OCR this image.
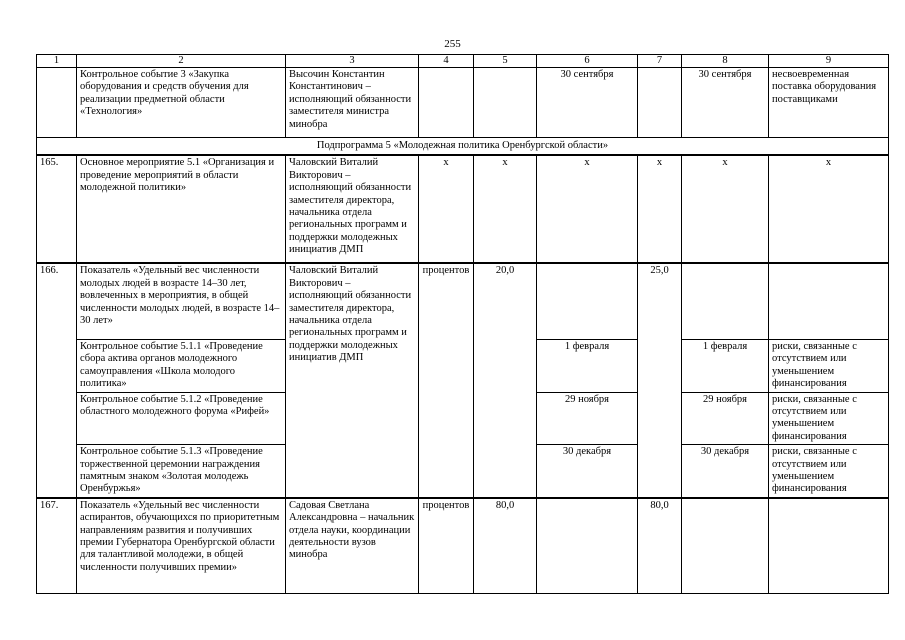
255
1	2	3	4	5	6	7	8	9
	Контрольное событие 3 «Закупка оборудования и средств обучения для реализации предметной области «Технология»	Высочин Константин Константинович – исполняющий обязанности заместителя министра минобра			30 сентября		30 сентября	несвоевременная поставка оборудования поставщиками
Подпрограмма 5 «Молодежная политика Оренбургской области»								
165.	Основное мероприятие 5.1 «Организация и проведение мероприятий в области молодежной политики»	Чаловский Виталий Викторович – исполняющий обязанности заместителя директора, начальника отдела региональных программ и поддержки молодежных инициатив ДМП	х	х	х	х	х	х
166.	Показатель «Удельный вес численности молодых людей в возрасте 14–30 лет, вовлеченных в мероприятия, в общей численности молодых людей, в возрасте 14–30 лет»	Чаловский Виталий Викторович – исполняющий обязанности заместителя директора, начальника отдела региональных программ и поддержки молодежных инициатив ДМП	процентов	20,0		25,0		
	Контрольное событие 5.1.1 «Проведение сбора актива органов молодежного самоуправления «Школа молодого политика»				1 февраля		1 февраля	риски, связанные с отсутствием или уменьшением финансирования
	Контрольное событие 5.1.2 «Проведение областного молодежного форума «Рифей»				29 ноября		29 ноября	риски, связанные с отсутствием или уменьшением финансирования
	Контрольное событие 5.1.3 «Проведение торжественной церемонии награждения памятным знаком «Золотая молодежь Оренбуржья»				30 декабря		30 декабря	риски, связанные с отсутствием или уменьшением финансирования
167.	Показатель «Удельный вес численности аспирантов, обучающихся по приоритетным направлениям развития и получивших премии Губернатора Оренбургской области для талантливой молодежи, в общей численности получивших премии»	Садовая Светлана Александровна – начальник отдела науки, координации деятельности вузов минобра	процентов	80,0		80,0		
